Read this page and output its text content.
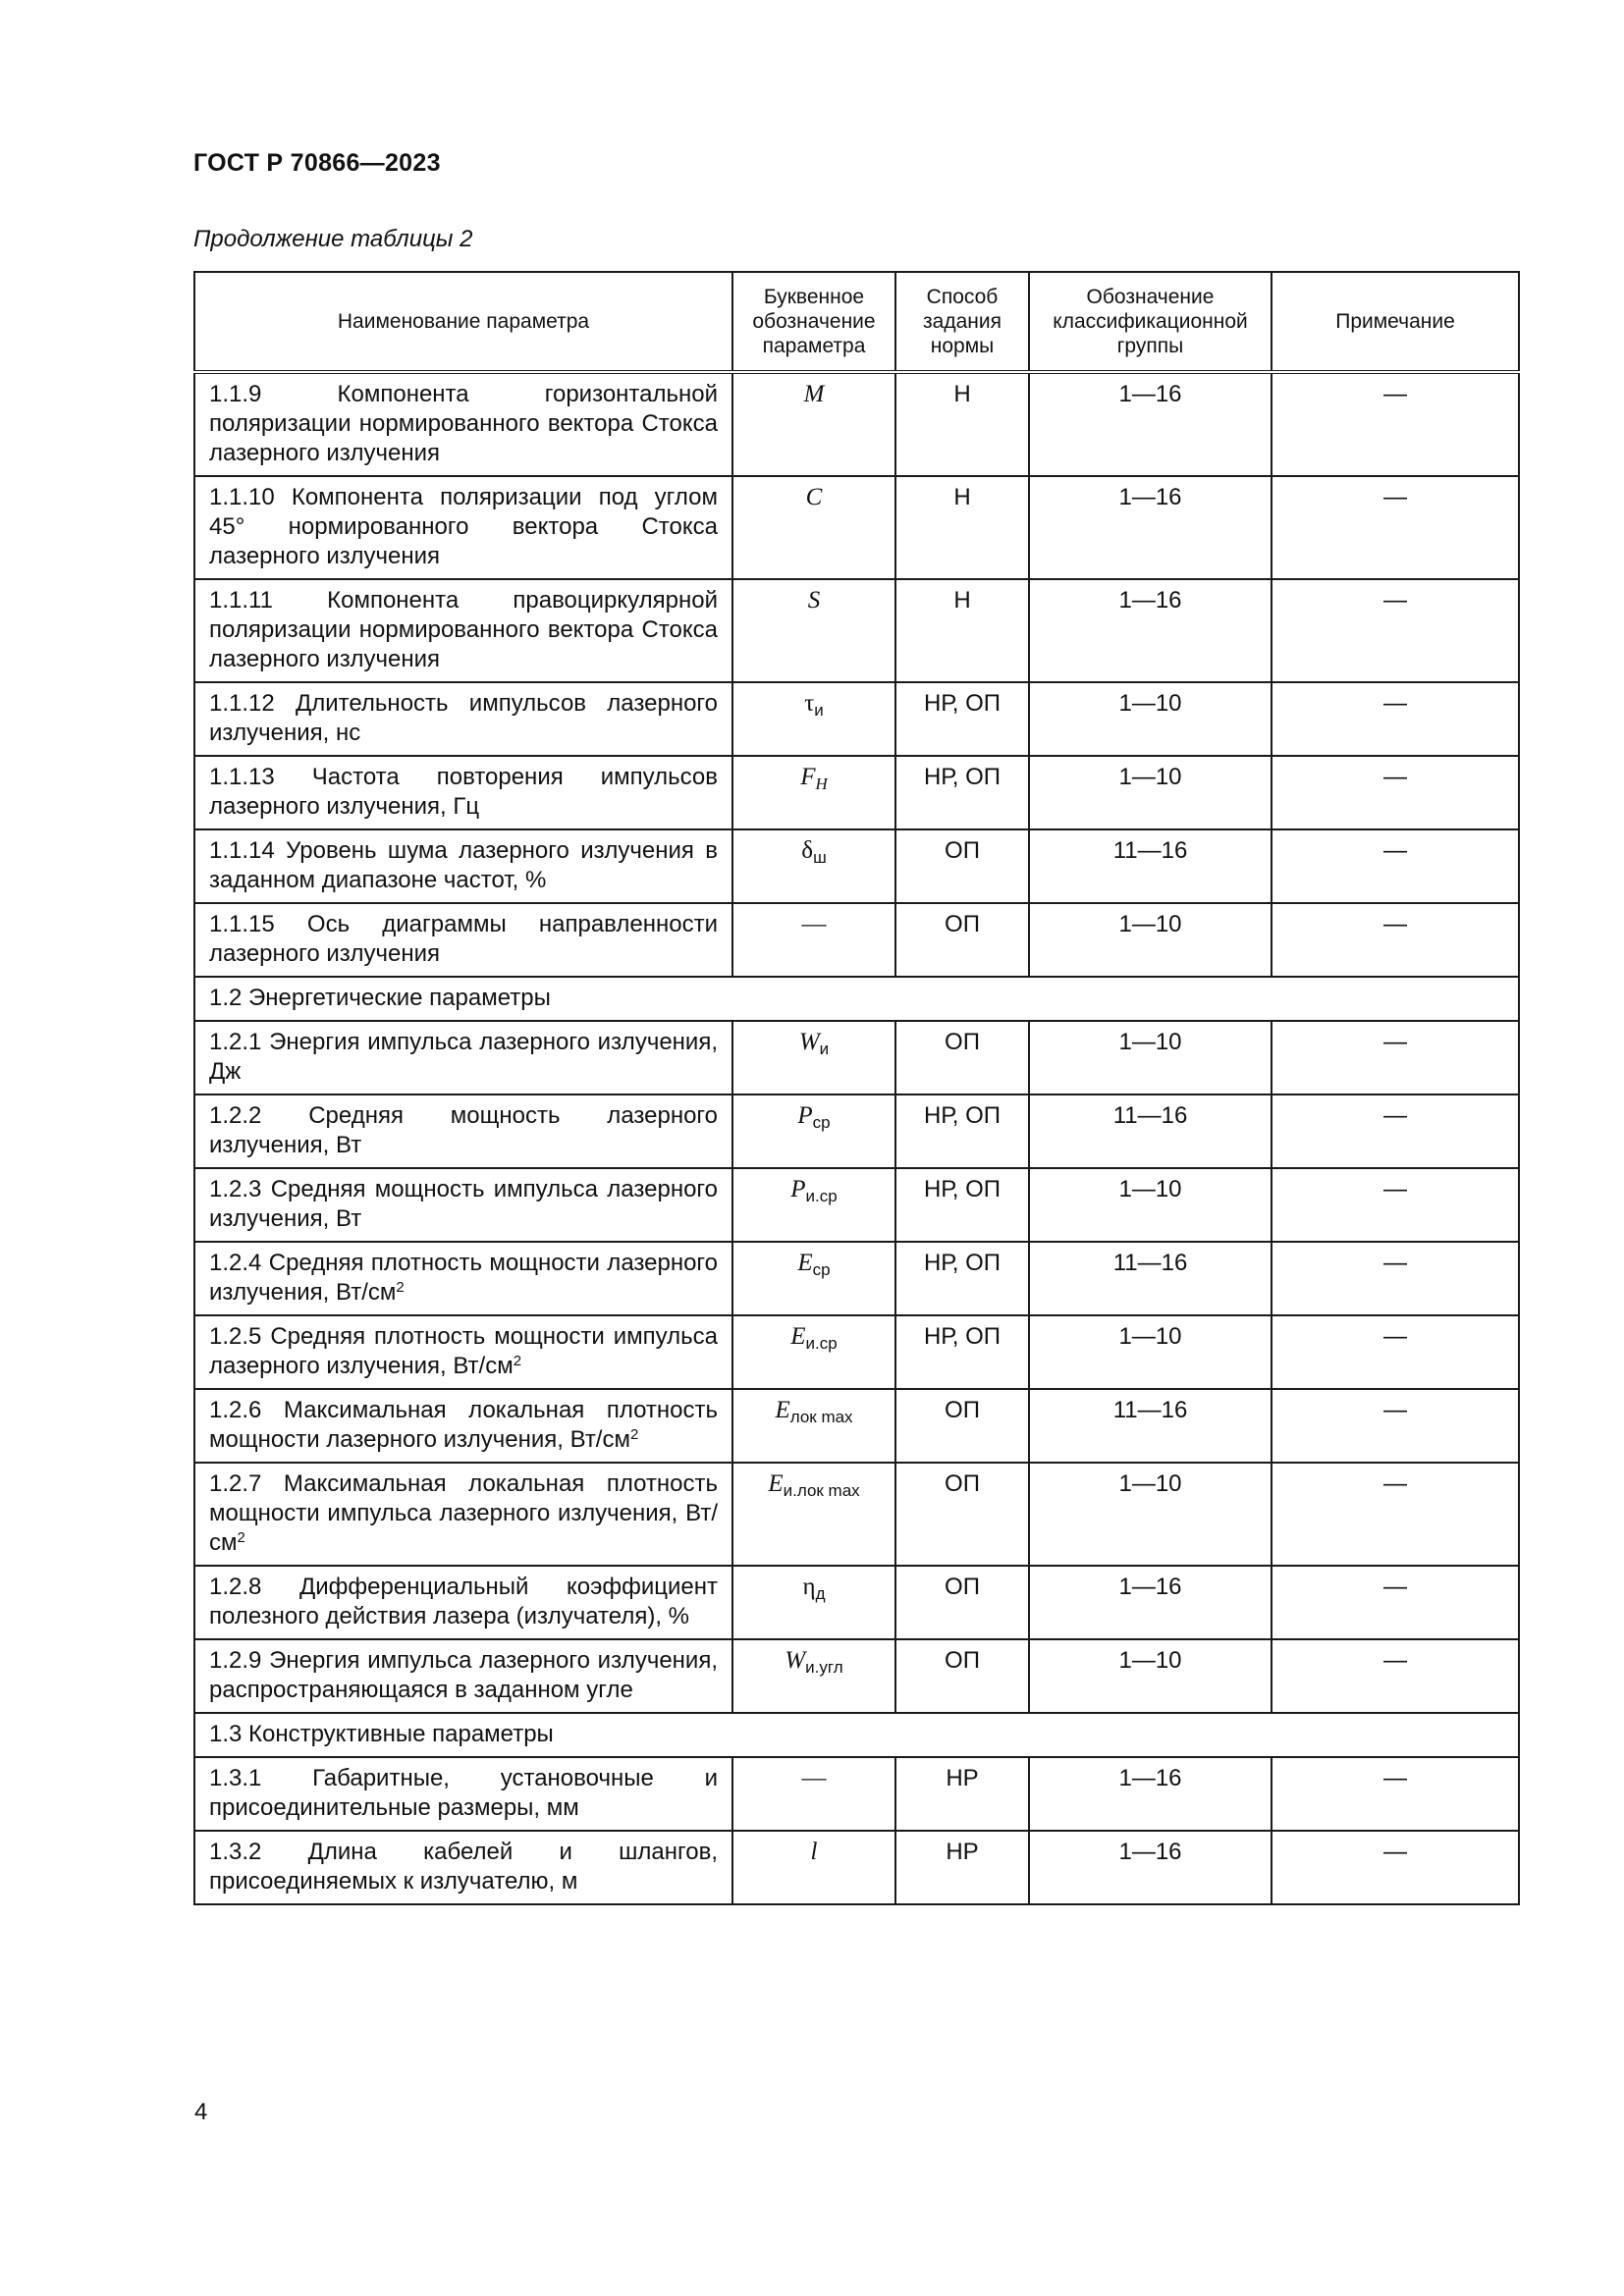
ГОСТ Р 70866—2023
Продолжение таблицы 2
Наименование параметра	Буквенное обозначение параметра	Способ задания нормы	Обозначение классификационной группы	Примечание
1.1.9 Компонента горизонтальной поляризации нормированного вектора Стокса лазерного излучения	M	Н	1—16	—
1.1.10 Компонента поляризации под углом 45° нормированного вектора Стокса лазерного излучения	C	Н	1—16	—
1.1.11 Компонента правоциркулярной поляризации нормированного вектора Стокса лазерного излучения	S	Н	1—16	—
1.1.12 Длительность импульсов лазерного излучения, нс	$\tau_и$	НР, ОП	1—10	—
1.1.13 Частота повторения импульсов лазерного излучения, Гц	$F_H$	НР, ОП	1—10	—
1.1.14 Уровень шума лазерного излучения в заданном диапазоне частот, %	$\delta_ш$	ОП	11—16	—
1.1.15 Ось диаграммы направленности лазерного излучения	—	ОП	1—10	—
1.2 Энергетические параметры				
1.2.1 Энергия импульса лазерного излучения, Дж	$W_и$	ОП	1—10	—
1.2.2 Средняя мощность лазерного излучения, Вт	$P_{ср}$	НР, ОП	11—16	—
1.2.3 Средняя мощность импульса лазерного излучения, Вт	$P_{и.ср}$	НР, ОП	1—10	—
1.2.4 Средняя плотность мощности лазерного излучения, $Вт/см^2$	$E_{ср}$	НР, ОП	11—16	—
1.2.5 Средняя плотность мощности импульса лазерного излучения, $Вт/см^2$	$E_{и.ср}$	НР, ОП	1—10	—
1.2.6 Максимальная локальная плотность мощности лазерного излучения, $Вт/см^2$	$E_{лок max}$	ОП	11—16	—
1.2.7 Максимальная локальная плотность мощности импульса лазерного излучения, $Вт/см^2$	$E_{и.лок max}$	ОП	1—10	—
1.2.8 Дифференциальный коэффициент полезного действия лазера (излучателя), %	$\eta_д$	ОП	1—16	—
1.2.9 Энергия импульса лазерного излучения, распространяющаяся в заданном угле	$W_{и.угл}$	ОП	1—10	—
1.3 Конструктивные параметры				
1.3.1 Габаритные, установочные и присоединительные размеры, мм	—	НР	1—16	—
1.3.2 Длина кабелей и шлангов, присоединяемых к излучателю, м	l	НР	1—16	—
4
